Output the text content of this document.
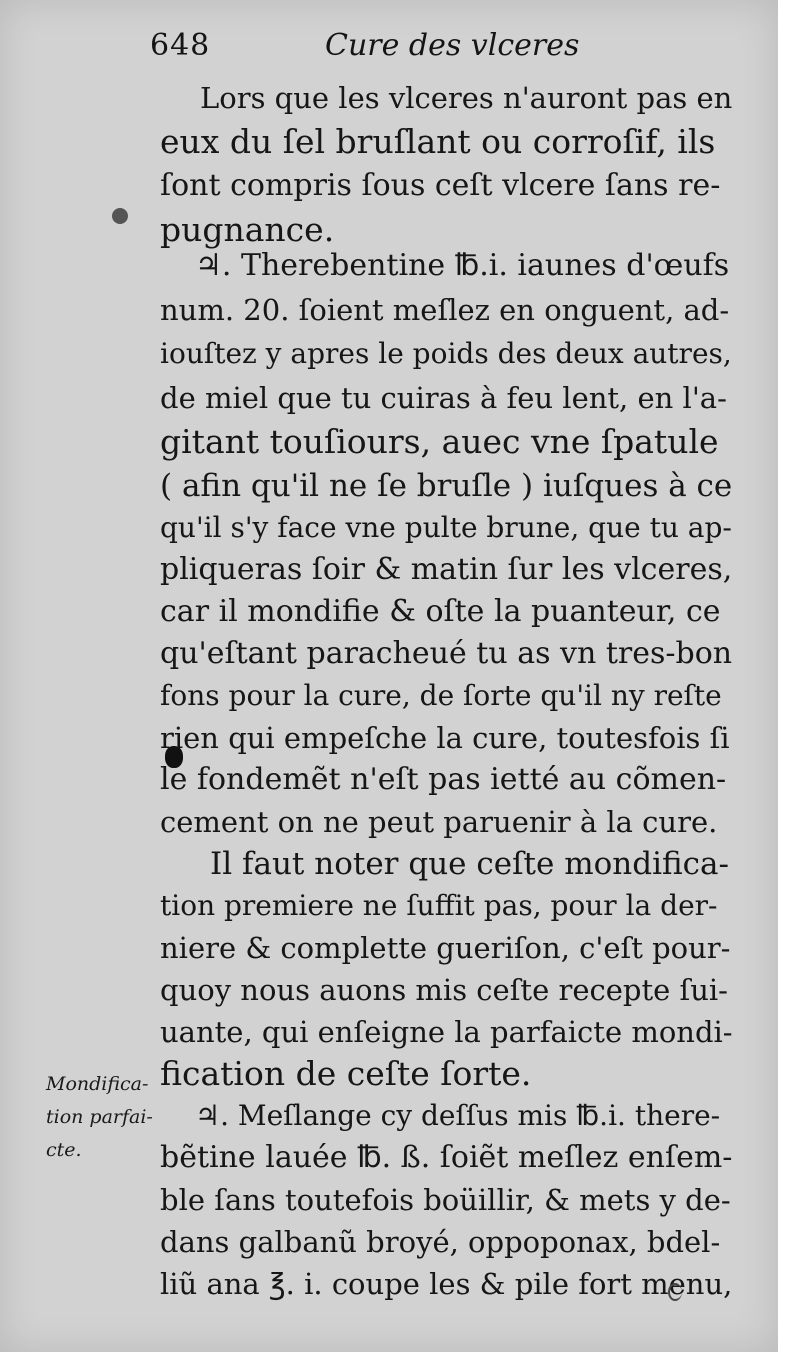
648	Cure des vlceres
Lors que les vlceres n'auront pas en
eux du ſel bruſlant ou corroſif, ils
ſont compris ſous ceſt vlcere ſans re-
pugnance.
♃. Therebentine ℔.i. iaunes d'œufs
num. 20. ſoient meſlez en onguent, ad-
iouſtez y apres le poids des deux autres,
de miel que tu cuiras à feu lent, en l'a-
gitant touſiours, auec vne ſpatule
( afin qu'il ne ſe bruſle ) iuſques à ce
qu'il s'y face vne pulte brune, que tu ap-
pliqueras ſoir & matin ſur les vlceres,
car il mondifie & oſte la puanteur, ce
qu'eſtant paracheué tu as vn tres-bon
fons pour la cure, de ſorte qu'il ny reſte
rien qui empeſche la cure, toutesfois ſi
le fondemẽt n'eſt pas ietté au cõmen-
cement on ne peut paruenir à la cure.
Il faut noter que ceſte mondifica-
tion premiere ne ſuffit pas, pour la der-
niere & complette gueriſon, c'eſt pour-
quoy nous auons mis ceſte recepte ſui-
uante, qui enſeigne la parfaicte mondi-
fication de ceſte ſorte.
♃. Meſlange cy deſſus mis ℔.i. there-
bẽtine lauée ℔. ß. ſoiẽt meſlez enſem-
ble ſans toutefois boüillir, & mets y de-
dans galbanũ broyé, oppoponax, bdel-
liũ ana ℥. i. coupe les & pile fort menu,
Mondifica-
tion parfai-
cte.
